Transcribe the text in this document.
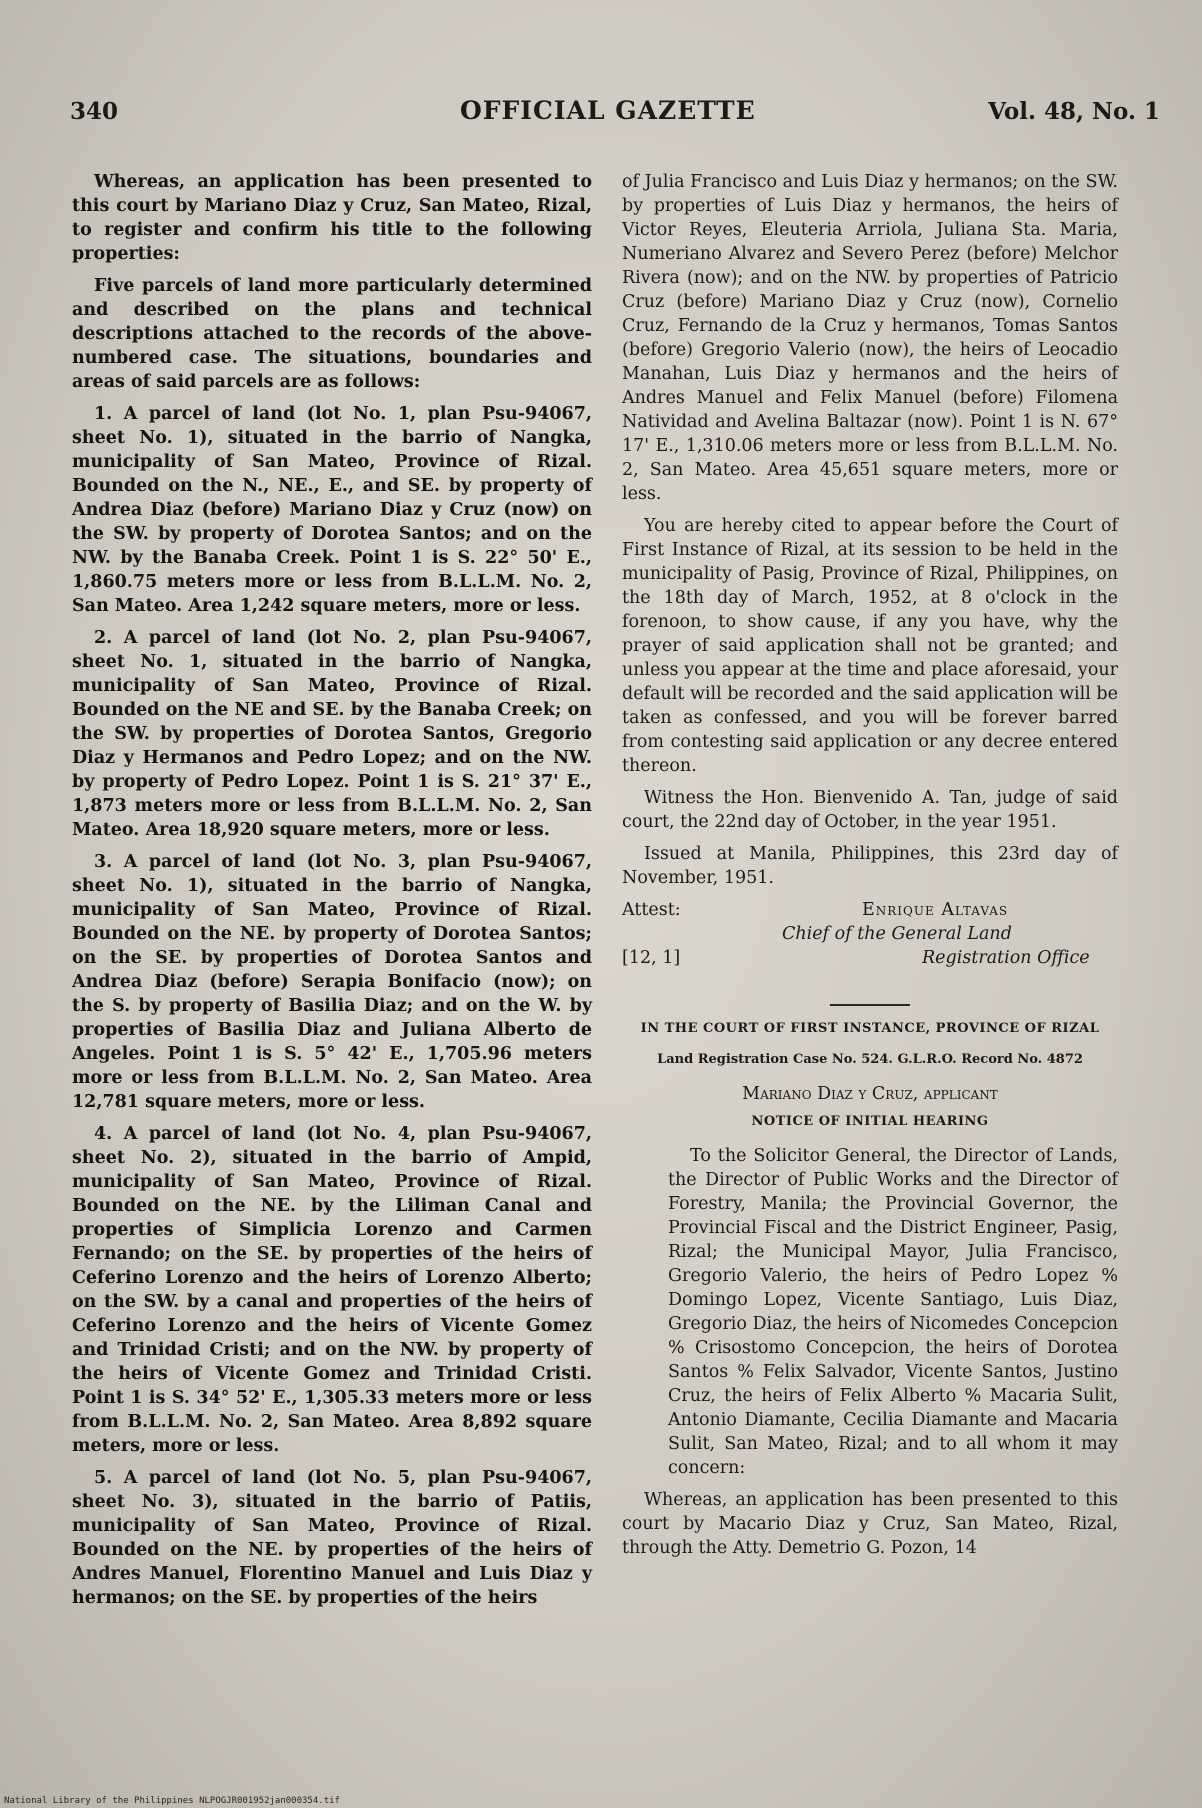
340	OFFICIAL GAZETTE	Vol. 48, No. 1

Whereas, an application has been presented to this court by Mariano Diaz y Cruz, San Mateo, Rizal, to register and confirm his title to the following properties:

Five parcels of land more particularly determined and described on the plans and technical descriptions attached to the records of the above-numbered case. The situations, boundaries and areas of said parcels are as follows:

1. A parcel of land (lot No. 1, plan Psu-94067, sheet No. 1), situated in the barrio of Nangka, municipality of San Mateo, Province of Rizal. Bounded on the N., NE., E., and SE. by property of Andrea Diaz (before) Mariano Diaz y Cruz (now) on the SW. by property of Dorotea Santos; and on the NW. by the Banaba Creek. Point 1 is S. 22° 50' E., 1,860.75 meters more or less from B.L.L.M. No. 2, San Mateo. Area 1,242 square meters, more or less.

2. A parcel of land (lot No. 2, plan Psu-94067, sheet No. 1, situated in the barrio of Nangka, municipality of San Mateo, Province of Rizal. Bounded on the NE and SE. by the Banaba Creek; on the SW. by properties of Dorotea Santos, Gregorio Diaz y Hermanos and Pedro Lopez; and on the NW. by property of Pedro Lopez. Point 1 is S. 21° 37' E., 1,873 meters more or less from B.L.L.M. No. 2, San Mateo. Area 18,920 square meters, more or less.

3. A parcel of land (lot No. 3, plan Psu-94067, sheet No. 1), situated in the barrio of Nangka, municipality of San Mateo, Province of Rizal. Bounded on the NE. by property of Dorotea Santos; on the SE. by properties of Dorotea Santos and Andrea Diaz (before) Serapia Bonifacio (now); on the S. by property of Basilia Diaz; and on the W. by properties of Basilia Diaz and Juliana Alberto de Angeles. Point 1 is S. 5° 42' E., 1,705.96 meters more or less from B.L.L.M. No. 2, San Mateo. Area 12,781 square meters, more or less.

4. A parcel of land (lot No. 4, plan Psu-94067, sheet No. 2), situated in the barrio of Ampid, municipality of San Mateo, Province of Rizal. Bounded on the NE. by the Liliman Canal and properties of Simplicia Lorenzo and Carmen Fernando; on the SE. by properties of the heirs of Ceferino Lorenzo and the heirs of Lorenzo Alberto; on the SW. by a canal and properties of the heirs of Ceferino Lorenzo and the heirs of Vicente Gomez and Trinidad Cristi; and on the NW. by property of the heirs of Vicente Gomez and Trinidad Cristi. Point 1 is S. 34° 52' E., 1,305.33 meters more or less from B.L.L.M. No. 2, San Mateo. Area 8,892 square meters, more or less.

5. A parcel of land (lot No. 5, plan Psu-94067, sheet No. 3), situated in the barrio of Patiis, municipality of San Mateo, Province of Rizal. Bounded on the NE. by properties of the heirs of Andres Manuel, Florentino Manuel and Luis Diaz y hermanos; on the SE. by properties of the heirs

of Julia Francisco and Luis Diaz y hermanos; on the SW. by properties of Luis Diaz y hermanos, the heirs of Victor Reyes, Eleuteria Arriola, Juliana Sta. Maria, Numeriano Alvarez and Severo Perez (before) Melchor Rivera (now); and on the NW. by properties of Patricio Cruz (before) Mariano Diaz y Cruz (now), Cornelio Cruz, Fernando de la Cruz y hermanos, Tomas Santos (before) Gregorio Valerio (now), the heirs of Leocadio Manahan, Luis Diaz y hermanos and the heirs of Andres Manuel and Felix Manuel (before) Filomena Natividad and Avelina Baltazar (now). Point 1 is N. 67° 17' E., 1,310.06 meters more or less from B.L.L.M. No. 2, San Mateo. Area 45,651 square meters, more or less.

You are hereby cited to appear before the Court of First Instance of Rizal, at its session to be held in the municipality of Pasig, Province of Rizal, Philippines, on the 18th day of March, 1952, at 8 o'clock in the forenoon, to show cause, if any you have, why the prayer of said application shall not be granted; and unless you appear at the time and place aforesaid, your default will be recorded and the said application will be taken as confessed, and you will be forever barred from contesting said application or any decree entered thereon.

Witness the Hon. Bienvenido A. Tan, judge of said court, the 22nd day of October, in the year 1951.

Issued at Manila, Philippines, this 23rd day of November, 1951.

Attest:	Enrique Altavas
Chief of the General Land
[12, 1]	Registration Office
IN THE COURT OF FIRST INSTANCE, PROVINCE OF RIZAL
Land Registration Case No. 524. G.L.R.O. Record No. 4872
Mariano Diaz y Cruz, applicant
NOTICE OF INITIAL HEARING

To the Solicitor General, the Director of Lands, the Director of Public Works and the Director of Forestry, Manila; the Provincial Governor, the Provincial Fiscal and the District Engineer, Pasig, Rizal; the Municipal Mayor, Julia Francisco, Gregorio Valerio, the heirs of Pedro Lopez % Domingo Lopez, Vicente Santiago, Luis Diaz, Gregorio Diaz, the heirs of Nicomedes Concepcion % Crisostomo Concepcion, the heirs of Dorotea Santos % Felix Salvador, Vicente Santos, Justino Cruz, the heirs of Felix Alberto % Macaria Sulit, Antonio Diamante, Cecilia Diamante and Macaria Sulit, San Mateo, Rizal; and to all whom it may concern:

Whereas, an application has been presented to this court by Macario Diaz y Cruz, San Mateo, Rizal, through the Atty. Demetrio G. Pozon, 14

National Library of the Philippines NLPOGJR001952jan000354.tif
